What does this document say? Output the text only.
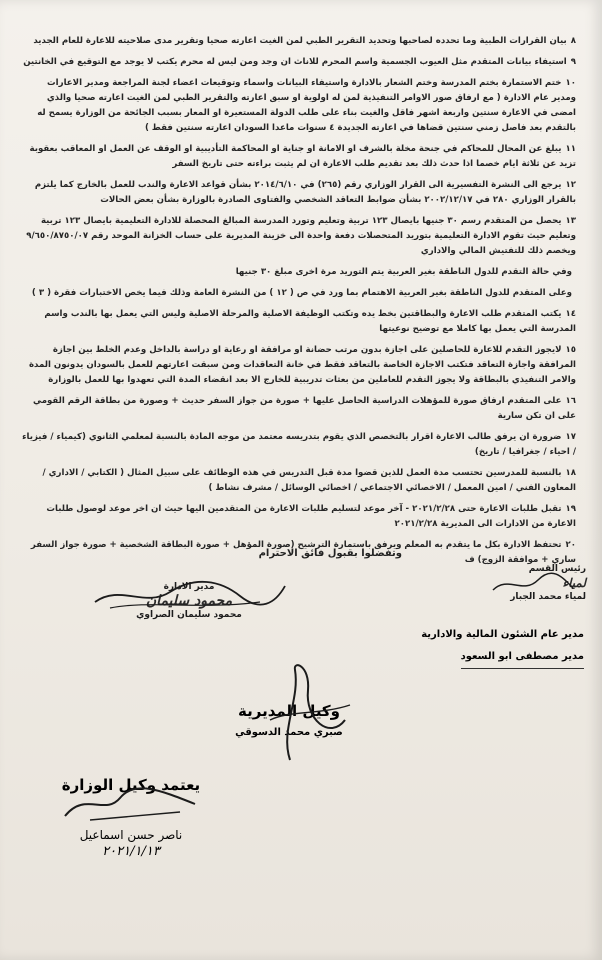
٨بيان القرارات الطبية وما تحدده لصاحبها وتحديد التقرير الطبي لمن الغيت اعارته صحيا وتقرير مدى صلاحيته للاعارة للعام الجديد
٩استيفاء بيانات المتقدم مثل العيوب الجسمية واسم المحرم للاناث ان وجد ومن ليس له محرم يكتب لا يوجد مع التوقيع في الخانتين
١٠ختم الاستمارة بختم المدرسة وختم الشعار بالادارة واستيفاء البيانات واسماء وتوقيعات اعضاء لجنة المراجعة ومدير الاعارات ومدير عام الادارة ( مع ارفاق صور الاوامر التنفيذية لمن له اولوية او سبق اعارته والتقرير الطبي لمن الغيت اعارته صحيا والذي امضى في الاعارة سنتين واربعة اشهر فاقل والغيت بناء على طلب الدولة المستعيرة او المعار بسبب الجائحة من الوزارة يسمح له بالتقدم بعد فاصل زمني سنتين قضاها في اعارته الجديدة ٤ سنوات ماعدا السودان اعارته سنتين فقط )
١١يبلغ عن المحال للمحاكم في جنحة مخلة بالشرف او الامانة او جناية او المحاكمة التأديبية او الوقف عن العمل او المعاقب بعقوبة تزيد عن ثلاثة ايام خصما اذا حدث ذلك بعد تقديم طلب الاعارة ان لم يثبت براءته حتى تاريخ السفر
١٢يرجع الى النشرة التفسيرية الى القرار الوزاري رقم (٢٦٥) في ٢٠١٤/٦/١٠ بشأن قواعد الاعارة والندب للعمل بالخارج كما يلتزم بالقرار الوزاري ٢٨٠ في ٢٠٠٢/١٢/١٧ بشأن ضوابط التعاقد الشخصي والفتاوى الصادرة بالوزارة بشأن بعض الحالات
١٣يحصل من المتقدم رسم ٣٠ جنيها بايصال ١٢٣ تربية وتعليم وتورد المدرسة المبالغ المحصلة للادارة التعليمية بايصال ١٢٣ تربية وتعليم حيث تقوم الادارة التعليمية بتوريد المتحصلات دفعة واحدة الى خزينة المديرية على حساب الخزانة الموحد رقم ٩/٦٥٠/٨٧٥٠/٠٧ ويخصم ذلك للتفتيش المالي والاداري
وفي حالة التقدم للدول الناطقة بغير العربية يتم التوريد مرة اخرى مبلغ ٣٠ جنيها
وعلى المتقدم للدول الناطقة بغير العربية الاهتمام بما ورد في ص ( ١٢ ) من النشرة العامة وذلك فيما يخص الاختبارات فقرة ( ٣ )
١٤يكتب المتقدم طلب الاعارة والبطاقتين بخط يده وتكتب الوظيفة الاصلية والمرحلة الاصلية وليس التي يعمل بها بالندب واسم المدرسة التي يعمل بها كاملا مع توضيح نوعيتها
١٥لايجوز التقدم للاعارة للحاصلين على اجازة بدون مرتب حضانة او مرافقة او رعاية او دراسة بالداخل وعدم الخلط بين اجازة المرافقة واجازة التعاقد فتكتب الاجازة الخاصة بالتعاقد فقط في خانة التعاقدات ومن سبقت اعارتهم للعمل بالسودان يدونون المدة والامر التنفيذي بالبطاقة ولا يجوز التقدم للعاملين من بعثات تدريبية للخارج الا بعد انقضاء المدة التي تعهدوا بها للعمل بالوزارة
١٦على المتقدم ارفاق صورة للمؤهلات الدراسية الحاصل عليها + صورة من جواز السفر حديث + وصورة من بطاقة الرقم القومي على ان تكن سارية
١٧ضرورة ان يرفق طالب الاعارة اقرار بالتخصص الذي يقوم بتدريسه معتمد من موجه المادة بالنسبة لمعلمي الثانوي (كيمياء / فيزياء / احياء / جغرافيا / تاريخ)
١٨بالنسبة للمدرسين تحتسب مدة العمل للذين قضوا مدة قبل التدريس في هذه الوظائف على سبيل المثال ( الكتابي / الاداري / المعاون الفني / امين المعمل / الاخصائي الاجتماعي / اخصائي الوسائل / مشرف نشاط )
١٩تقبل طلبات الاعارة حتى ٢٠٢١/٢/٢٨ - آخر موعد لتسليم طلبات الاعارة من المتقدمين اليها حيث ان اخر موعد لوصول طلبات الاعارة من الادارات الى المديرية ٢٠٢١/٢/٢٨
٢٠تحتفظ الادارة بكل ما يتقدم به المعلم ويرفق باستمارة الترشيح (صورة المؤهل + صورة البطاقة الشخصية + صورة جواز السفر ساري + موافقة الزوج) ف
وتفضلوا بقبول فائق الاحترام
رئيس القسم
لمياء
لمياء محمد الجبار
مدير الادارة
محمود سليمان
محمود سليمان الصراوي
مدير عام الشئون المالية والادارية
مدير مصطفى ابو السعود
وكيل المديرية
صبري محمد الدسوقي
يعتمد وكيل الوزارة
ناصر حسن اسماعيل
٢٠٢١/١/١٣
